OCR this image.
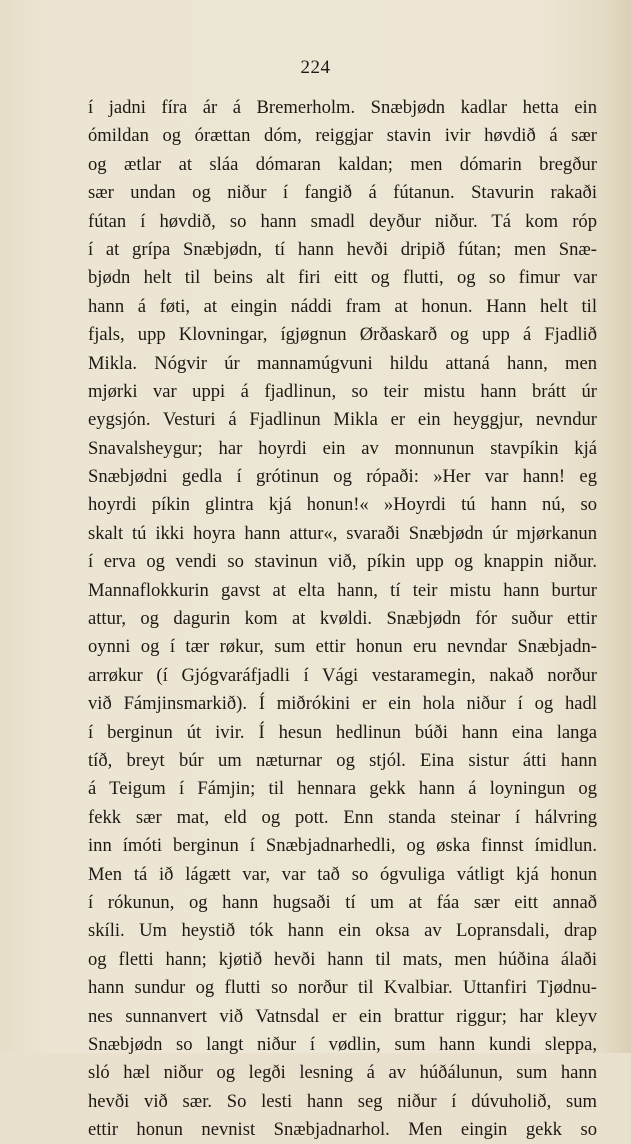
224
í jadni fíra ár á Bremerholm. Snæbjødn kadlar hetta ein
ómildan og órættan dóm, reiggjar stavin ivir høvdið á sær
og ætlar at sláa dómaran kaldan; men dómarin bregður
sær undan og niður í fangið á fútanun. Stavurin rakaði
fútan í høvdið, so hann smadl deyður niður. Tá kom róp
í at grípa Snæbjødn, tí hann hevði dripið fútan; men Snæ-
bjødn helt til beins alt firi eitt og flutti, og so fimur var
hann á føti, at eingin náddi fram at honun. Hann helt til
fjals, upp Klovningar, ígjøgnun Ørðaskarð og upp á Fjadlið
Mikla. Nógvir úr mannamúgvuni hildu attaná hann, men
mjørki var uppi á fjadlinun, so teir mistu hann brátt úr
eygsjón. Vesturi á Fjadlinun Mikla er ein heyggjur, nevndur
Snavalsheygur; har hoyrdi ein av monnunun stavpíkin kjá
Snæbjødni gedla í grótinun og rópaði: »Her var hann! eg
hoyrdi píkin glintra kjá honun!« »Hoyrdi tú hann nú, so
skalt tú ikki hoyra hann attur«, svaraði Snæbjødn úr mjørkanun
í erva og vendi so stavinun við, píkin upp og knappin niður.
Mannaflokkurin gavst at elta hann, tí teir mistu hann burtur
attur, og dagurin kom at kvøldi. Snæbjødn fór suður ettir
oynni og í tær røkur, sum ettir honun eru nevndar Snæbjadn-
arrøkur (í Gjógvaráfjadli í Vági vestaramegin, nakað norður
við Fámjinsmarkið). Í miðrókini er ein hola niður í og hadl
í berginun út ivir. Í hesun hedlinun búði hann eina langa
tíð, breyt búr um næturnar og stjól. Eina sistur átti hann
á Teigum í Fámjin; til hennara gekk hann á loyningun og
fekk sær mat, eld og pott. Enn standa steinar í hálvring
inn ímóti berginun í Snæbjadnarhedli, og øska finnst ímidlun.
Men tá ið lágætt var, var tað so ógvuliga vátligt kjá honun
í rókunun, og hann hugsaði tí um at fáa sær eitt annað
skíli. Um heystið tók hann ein oksa av Lopransdali, drap
og fletti hann; kjøtið hevði hann til mats, men húðina álaði
hann sundur og flutti so norður til Kvalbiar. Uttanfiri Tjødnu-
nes sunnanvert við Vatnsdal er ein brattur riggur; har kleyv
Snæbjødn so langt niður í vødlin, sum hann kundi sleppa,
sló hæl niður og legði lesning á av húðálunun, sum hann
hevði við sær. So lesti hann seg niður í dúvuholið, sum
ettir honun nevnist Snæbjadnarhol. Men eingin gekk so
